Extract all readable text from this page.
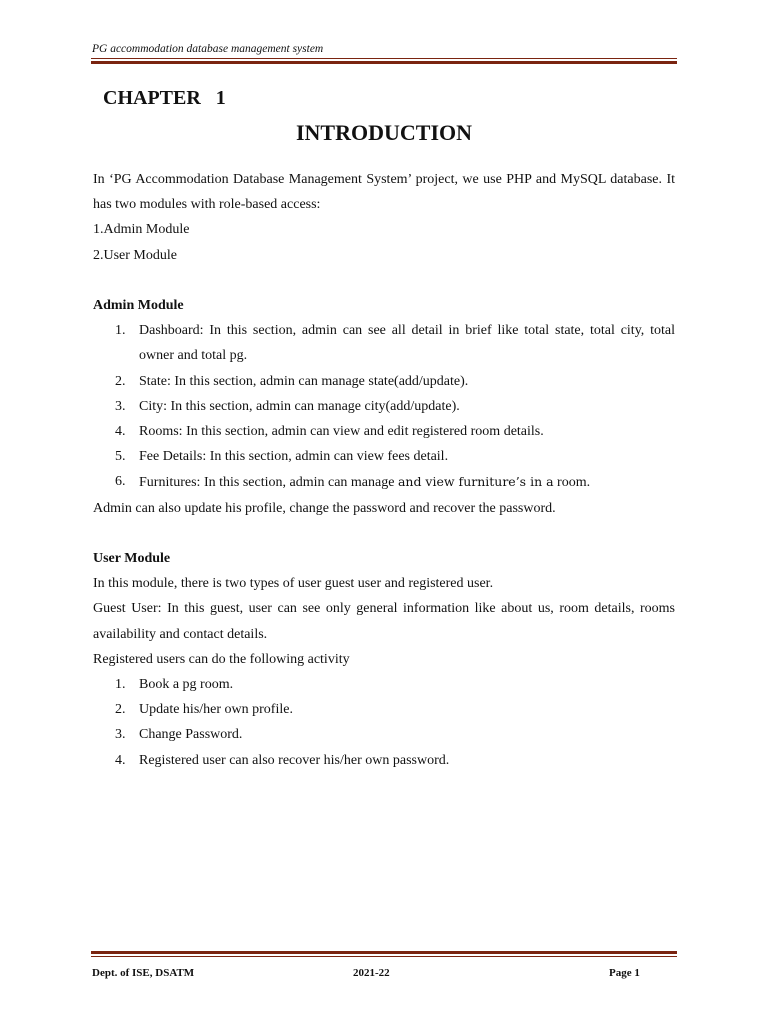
PG accommodation database management system
CHAPTER   1
INTRODUCTION

In ‘PG Accommodation Database Management System’ project, we use PHP and MySQL database. It has two modules with role-based access:

1.Admin Module

2.User Module

Admin Module

1. Dashboard: In this section, admin can see all detail in brief like total state, total city, total owner and total pg.
2. State: In this section, admin can manage state(add/update).
3. City: In this section, admin can manage city(add/update).
4. Rooms: In this section, admin can view and edit registered room details.
5. Fee Details: In this section, admin can view fees detail.
6. Furnitures: In this section, admin can manage and view furniture’s in a room.

Admin can also update his profile, change the password and recover the password.

User Module

In this module, there is two types of user guest user and registered user.

Guest User: In this guest, user can see only general information like about us, room details, rooms availability and contact details.

Registered users can do the following activity

1. Book a pg room.
2. Update his/her own profile.
3. Change Password.
4. Registered user can also recover his/her own password.
Dept. of ISE, DSATM	2021-22	Page 1
